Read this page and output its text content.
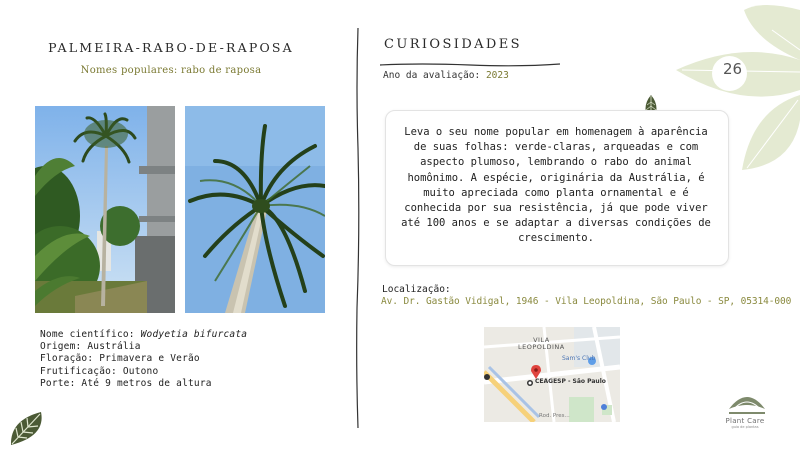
PALMEIRA-RABO-DE-RAPOSA
Nomes populares: rabo de raposa
Nome científico: Wodyetia bifurcata
Origem: Austrália
Floração: Primavera e Verão
Frutificação: Outono
Porte: Até 9 metros de altura
CURIOSIDADES
Ano da avaliação: 2023
Leva o seu nome popular em homenagem à aparência de suas folhas: verde-claras, arqueadas e com aspecto plumoso, lembrando o rabo do animal homônimo. A espécie, originária da Austrália, é muito apreciada como planta ornamental e é conhecida por sua resistência, já que pode viver até 100 anos e se adaptar a diversas condições de crescimento.
Localização:
Av. Dr. Gastão Vidigal, 1946 - Vila Leopoldina, São Paulo - SP, 05314-000
VILA
LEOPOLDINA
Sam's Club
CEAGESP - São Paulo
Rod. Pres...
26
Plant Care
guia de plantas
